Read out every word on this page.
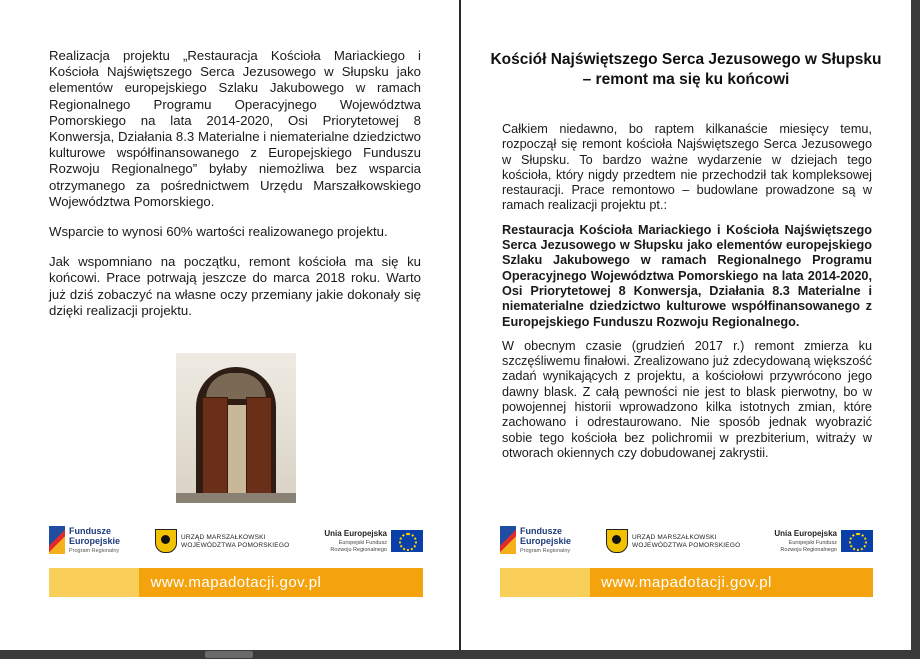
Realizacja projektu „Restauracja Kościoła Mariackiego i Kościoła Najświętszego Serca Jezusowego w Słupsku jako elementów europejskiego Szlaku Jakubowego w ramach Regionalnego Programu Operacyjnego Województwa Pomorskiego na lata 2014-2020, Osi Priorytetowej 8 Konwersja, Działania 8.3 Materialne i niematerialne dziedzictwo kulturowe współfinansowanego z Europejskiego Funduszu Rozwoju Regionalnego” byłaby niemożliwa bez wsparcia otrzymanego za pośrednictwem Urzędu Marszałkowskiego Województwa Pomorskiego.

Wsparcie to wynosi 60% wartości realizowanego projektu.

Jak wspomniano na początku, remont kościoła ma się ku końcowi. Prace potrwają jeszcze do marca 2018 roku. Warto już dziś zobaczyć na własne oczy przemiany jakie dokonały się dzięki realizacji projektu.

Kościół Najświętszego Serca Jezusowego w Słupsku – remont ma się ku końcowi

Całkiem niedawno, bo raptem kilkanaście miesięcy temu, rozpoczął się remont kościoła Najświętszego Serca Jezusowego w Słupsku. To bardzo ważne wydarzenie w dziejach tego kościoła, który nigdy przedtem nie przechodził tak kompleksowej restauracji. Prace remontowo – budowlane prowadzone są w ramach realizacji projektu pt.:

Restauracja Kościoła Mariackiego i Kościoła Najświętszego Serca Jezusowego w Słupsku jako elementów europejskiego Szlaku Jakubowego w ramach Regionalnego Programu Operacyjnego Województwa Pomorskiego na lata 2014-2020, Osi Priorytetowej 8 Konwersja, Działania 8.3 Materialne i niematerialne dziedzictwo kulturowe współfinansowanego z Europejskiego Funduszu Rozwoju Regionalnego.

W obecnym czasie (grudzień 2017 r.) remont zmierza ku szczęśliwemu finałowi. Zrealizowano już zdecydowaną większość zadań wynikających z projektu, a kościołowi przywrócono jego dawny blask. Z całą pewności nie jest to blask pierwotny, bo w powojennej historii wprowadzono kilka istotnych zmian, które zachowano i odrestaurowano. Nie sposób jednak wyobrazić sobie tego kościoła bez polichromii w prezbiterium, witraży w otworach okiennych czy dobudowanej zakrystii.

Fundusze
Europejskie
Program Regionalny
URZĄD MARSZAŁKOWSKI
WOJEWÓDZTWA POMORSKIEGO
Unia Europejska
Europejski Fundusz
Rozwoju Regionalnego
Fundusze
Europejskie
Program Regionalny
URZĄD MARSZAŁKOWSKI
WOJEWÓDZTWA POMORSKIEGO
Unia Europejska
Europejski Fundusz
Rozwoju Regionalnego
www.mapadotacji.gov.pl	www.mapadotacji.gov.pl
